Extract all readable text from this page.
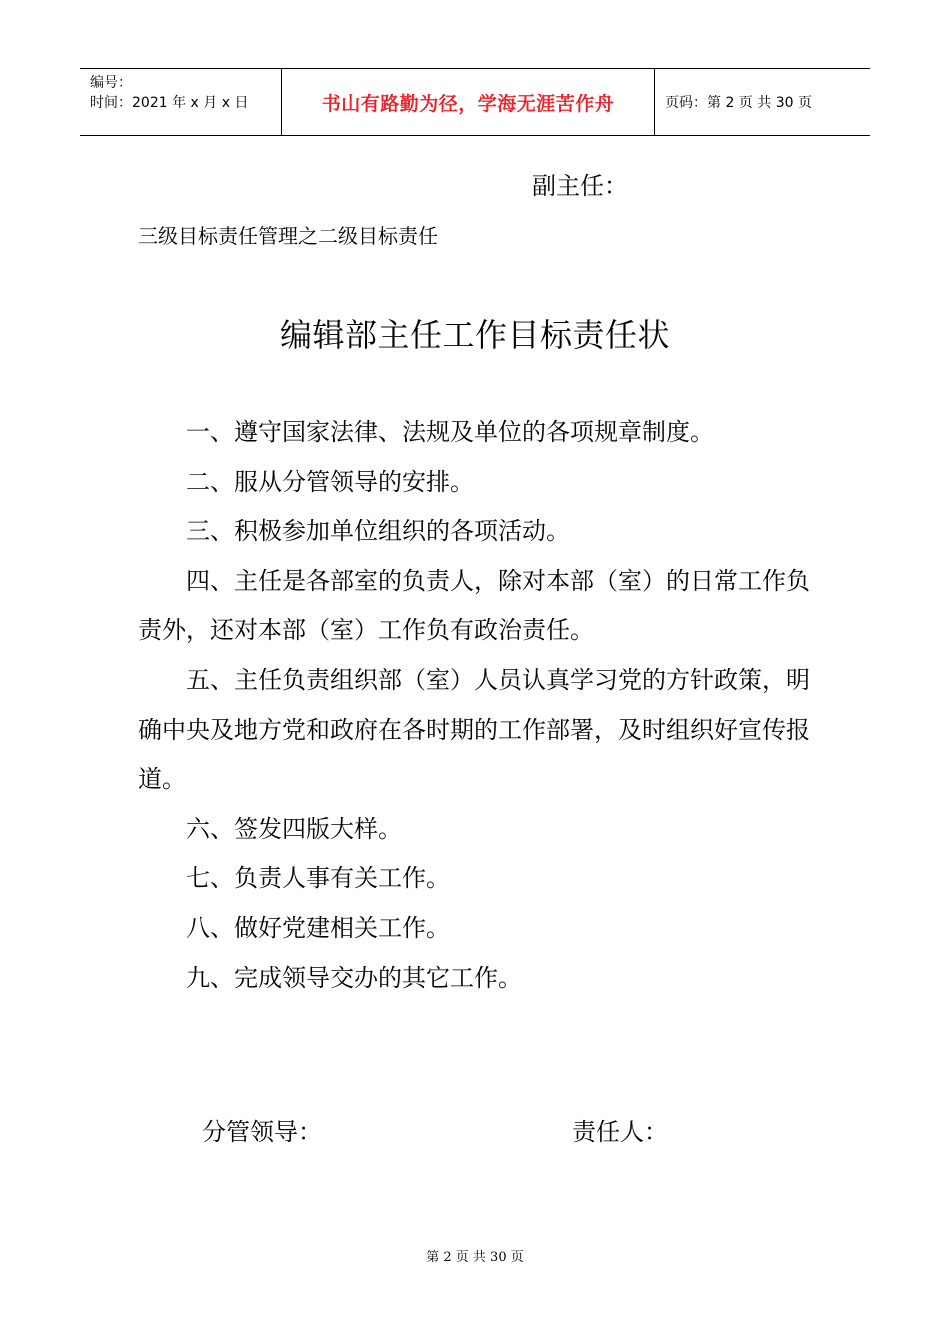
编号：
时间：2021 年 x 月 x 日	书山有路勤为径，学海无涯苦作舟	页码：第 2 页 共 30 页
副主任：
三级目标责任管理之二级目标责任
编辑部主任工作目标责任状

一、遵守国家法律、法规及单位的各项规章制度。

二、服从分管领导的安排。

三、积极参加单位组织的各项活动。

四、主任是各部室的负责人，除对本部（室）的日常工作负责外，还对本部（室）工作负有政治责任。

五、主任负责组织部（室）人员认真学习党的方针政策，明确中央及地方党和政府在各时期的工作部署，及时组织好宣传报道。

六、签发四版大样。

七、负责人事有关工作。

八、做好党建相关工作。

九、完成领导交办的其它工作。

分管领导：	责任人：
第 2 页 共 30 页
